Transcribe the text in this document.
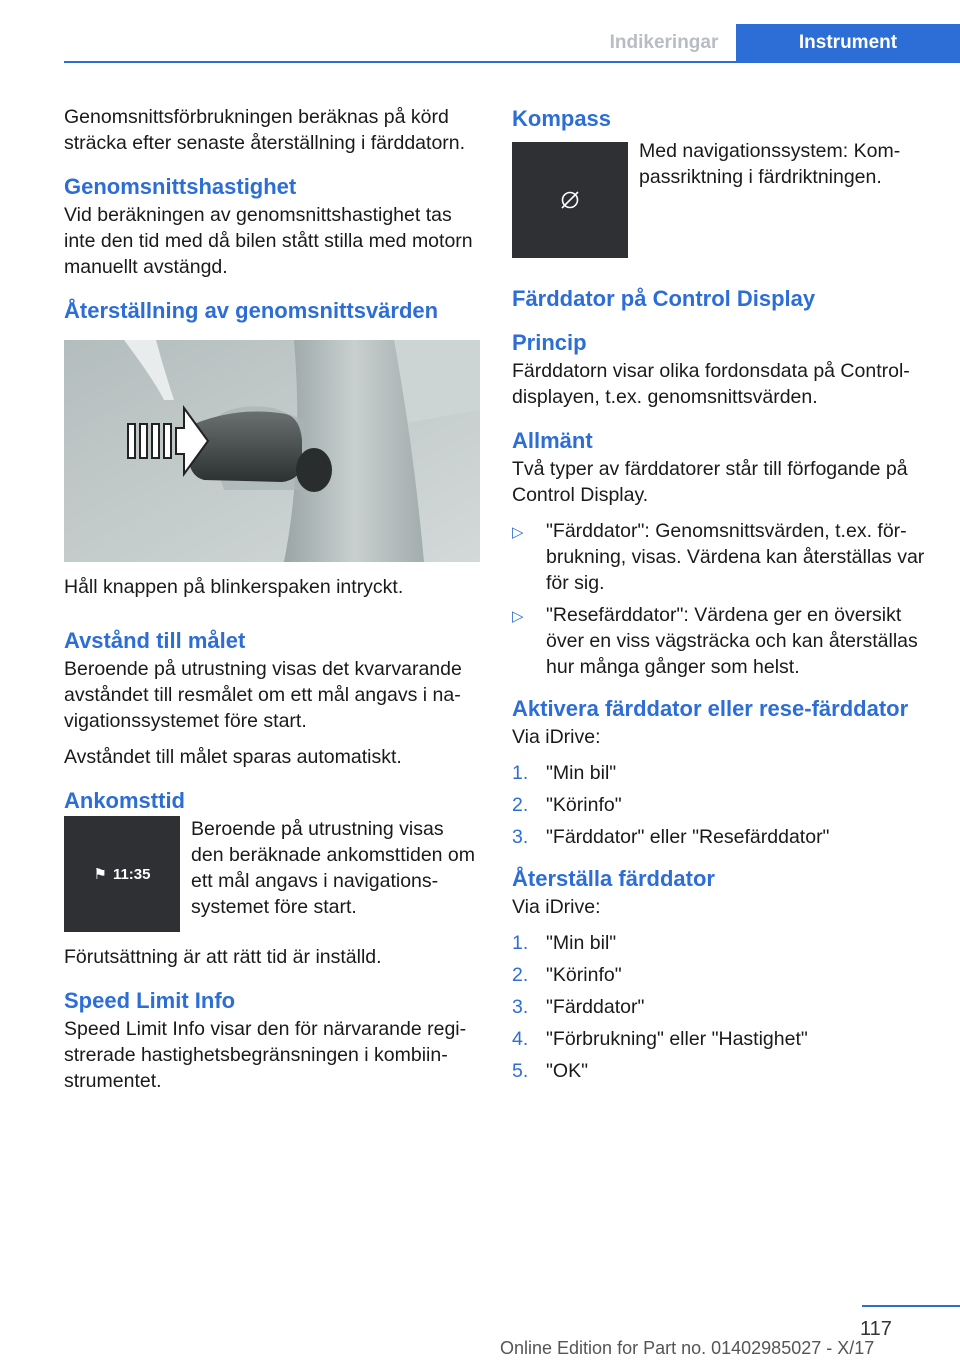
Indikeringar	Instrument

Genomsnittsförbrukningen beräknas på körd sträcka efter senaste återställning i färddatorn.

Genomsnittshastighet

Vid beräkningen av genomsnittshastighet tas inte den tid med då bilen stått stilla med motorn manuellt avstängd.

Återställning av genomsnittsvärden

Håll knappen på blinkerspaken intryckt.

Avstånd till målet

Beroende på utrustning visas det kvarvarande avståndet till resmålet om ett mål angavs i navigationssystemet före start.

Avståndet till målet sparas automatiskt.

Ankomsttid
⚑ 11:35

Beroende på utrustning visas den beräknade ankomsttiden om ett mål angavs i navigationssystemet före start.

Förutsättning är att rätt tid är inställd.

Speed Limit Info

Speed Limit Info visar den för närvarande registrerade hastighetsbegränsningen i kombiinstrumentet.

Kompass

Med navigationssystem: Kompassriktning i färdriktningen.

Färddator på Control Display
Princip

Färddatorn visar olika fordonsdata på Controldisplayen, t.ex. genomsnittsvärden.

Allmänt

Två typer av färddatorer står till förfogande på Control Display.

▷	"Färddator": Genomsnittsvärden, t.ex. förbrukning, visas. Värdena kan återställas var för sig.
▷	"Resefärddator": Värdena ger en översikt över en viss vägsträcka och kan återställas hur många gånger som helst.
Aktivera färddator eller rese-färddator

Via iDrive:

1. "Min bil"
2. "Körinfo"
3. "Färddator" eller "Resefärddator"
Återställa färddator

Via iDrive:

1. "Min bil"
2. "Körinfo"
3. "Färddator"
4. "Förbrukning" eller "Hastighet"
5. "OK"
117
Online Edition for Part no. 01402985027 - X/17
